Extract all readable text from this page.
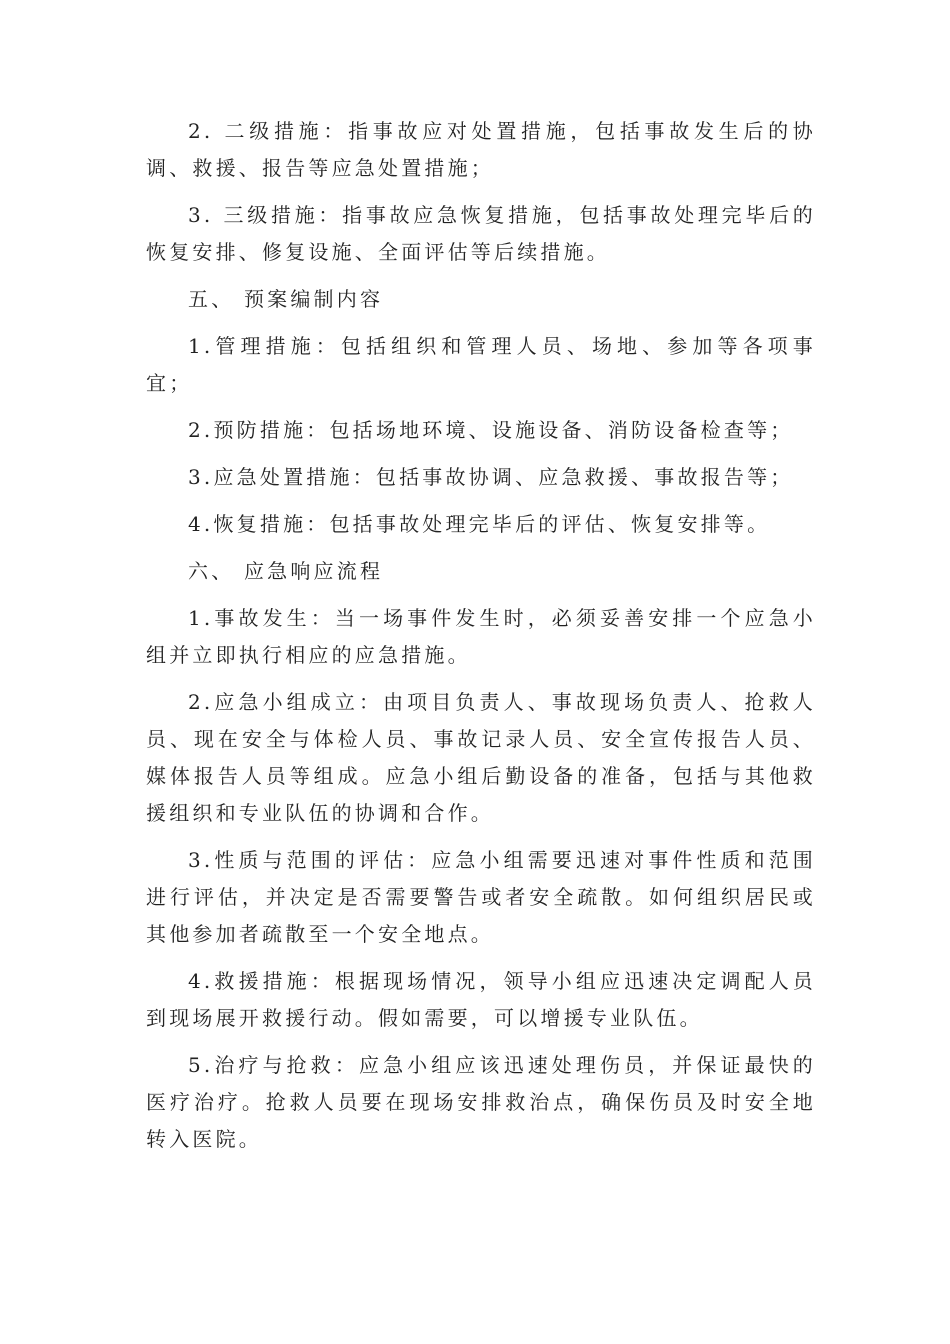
2. 二级措施：指事故应对处置措施，包括事故发生后的协调、救援、报告等应急处置措施；

3. 三级措施：指事故应急恢复措施，包括事故处理完毕后的恢复安排、修复设施、全面评估等后续措施。

五、 预案编制内容

1.管理措施：包括组织和管理人员、场地、参加等各项事宜；

2.预防措施：包括场地环境、设施设备、消防设备检查等；

3.应急处置措施：包括事故协调、应急救援、事故报告等；

4.恢复措施：包括事故处理完毕后的评估、恢复安排等。

六、 应急响应流程

1.事故发生：当一场事件发生时，必须妥善安排一个应急小组并立即执行相应的应急措施。

2.应急小组成立：由项目负责人、事故现场负责人、抢救人员、现在安全与体检人员、事故记录人员、安全宣传报告人员、媒体报告人员等组成。应急小组后勤设备的准备，包括与其他救援组织和专业队伍的协调和合作。

3.性质与范围的评估：应急小组需要迅速对事件性质和范围进行评估，并决定是否需要警告或者安全疏散。如何组织居民或其他参加者疏散至一个安全地点。

4.救援措施：根据现场情况，领导小组应迅速决定调配人员到现场展开救援行动。假如需要，可以增援专业队伍。

5.治疗与抢救：应急小组应该迅速处理伤员，并保证最快的医疗治疗。抢救人员要在现场安排救治点，确保伤员及时安全地转入医院。
